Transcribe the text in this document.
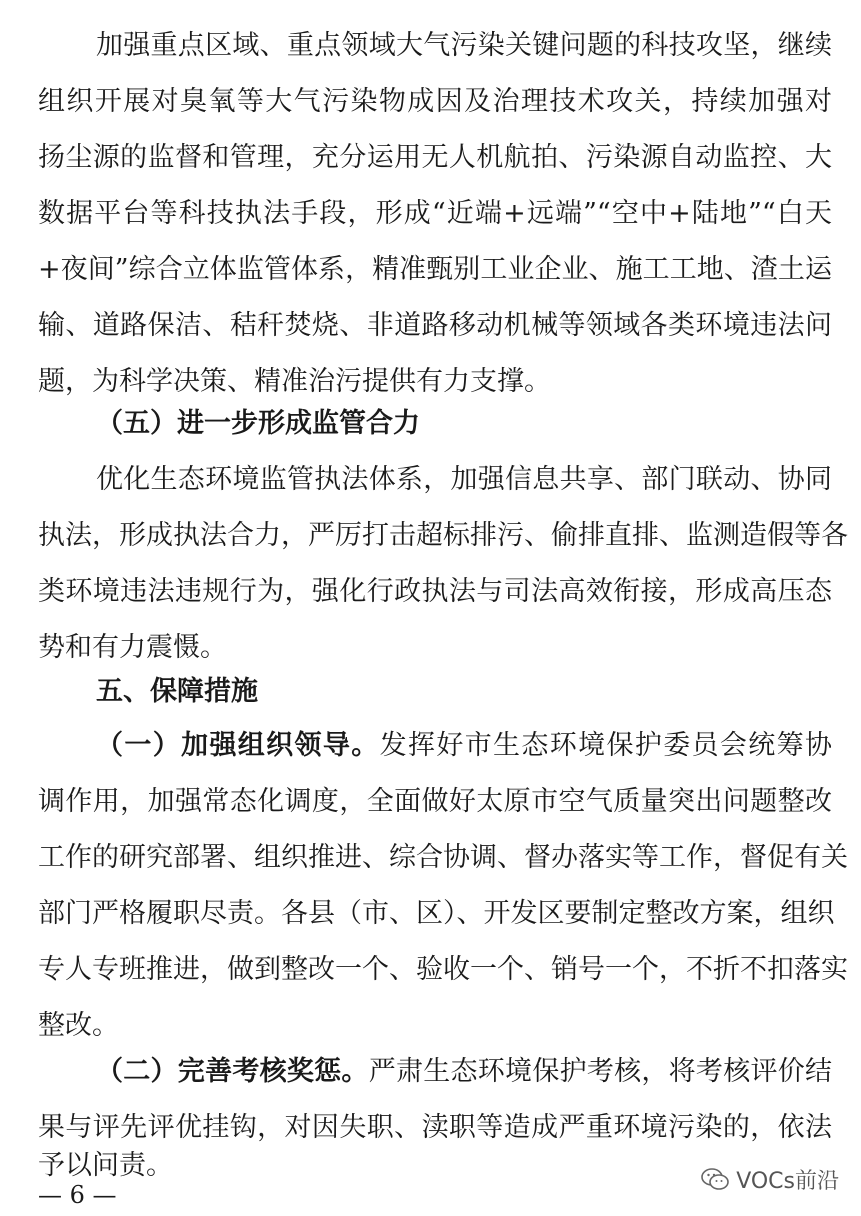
加强重点区域、重点领域大气污染关键问题的科技攻坚，继续
组织开展对臭氧等大气污染物成因及治理技术攻关，持续加强对
扬尘源的监督和管理，充分运用无人机航拍、污染源自动监控、大
数据平台等科技执法手段，形成“近端+远端”“空中+陆地”“白天
+夜间”综合立体监管体系，精准甄别工业企业、施工工地、渣土运
输、道路保洁、秸秆焚烧、非道路移动机械等领域各类环境违法问
题，为科学决策、精准治污提供有力支撑。
（五）进一步形成监管合力
优化生态环境监管执法体系，加强信息共享、部门联动、协同
执法，形成执法合力，严厉打击超标排污、偷排直排、监测造假等各
类环境违法违规行为，强化行政执法与司法高效衔接，形成高压态
势和有力震慑。
五、保障措施
（一）加强组织领导。发挥好市生态环境保护委员会统筹协
调作用，加强常态化调度，全面做好太原市空气质量突出问题整改
工作的研究部署、组织推进、综合协调、督办落实等工作，督促有关
部门严格履职尽责。各县（市、区）、开发区要制定整改方案，组织
专人专班推进，做到整改一个、验收一个、销号一个，不折不扣落实
整改。
（二）完善考核奖惩。严肃生态环境保护考核，将考核评价结
果与评先评优挂钩，对因失职、渎职等造成严重环境污染的，依法
予以问责。
— 6 —	VOCs前沿
